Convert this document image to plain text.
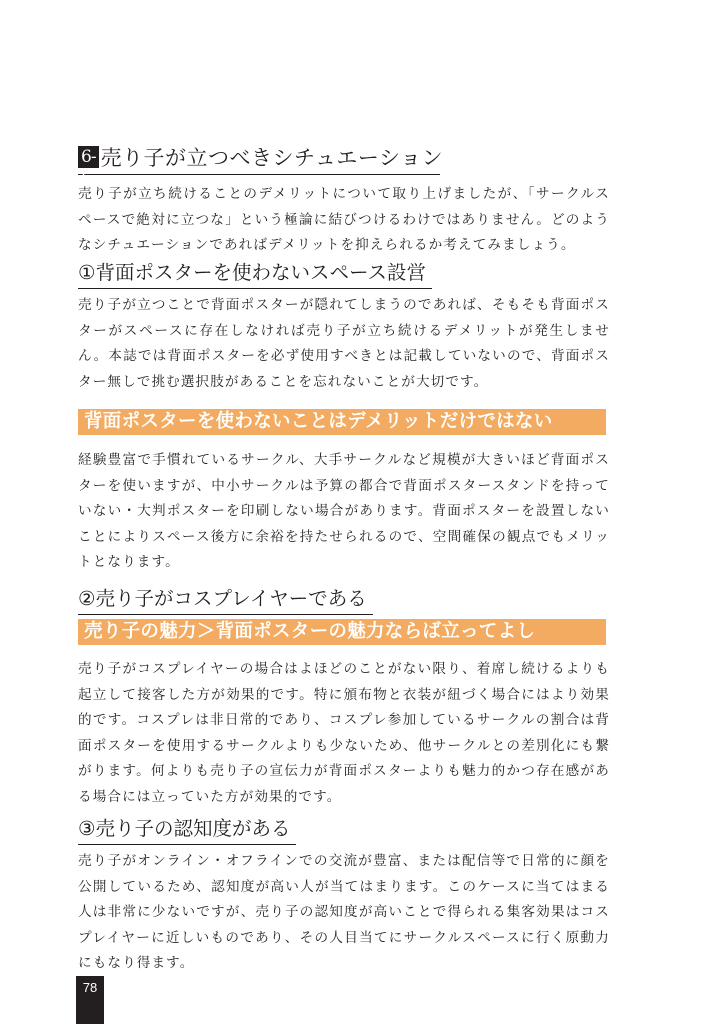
6-6
売り子が立つべきシチュエーション

売り子が立ち続けることのデメリットについて取り上げましたが、「サークルスペースで絶対に立つな」という極論に結びつけるわけではありません。どのようなシチュエーションであればデメリットを抑えられるか考えてみましょう。

①背面ポスターを使わないスペース設営

売り子が立つことで背面ポスターが隠れてしまうのであれば、そもそも背面ポスターがスペースに存在しなければ売り子が立ち続けるデメリットが発生しません。本誌では背面ポスターを必ず使用すべきとは記載していないので、背面ポスター無しで挑む選択肢があることを忘れないことが大切です。

背面ポスターを使わないことはデメリットだけではない

経験豊富で手慣れているサークル、大手サークルなど規模が大きいほど背面ポスターを使いますが、中小サークルは予算の都合で背面ポスタースタンドを持っていない・大判ポスターを印刷しない場合があります。背面ポスターを設置しないことによりスペース後方に余裕を持たせられるので、空間確保の観点でもメリットとなります。

②売り子がコスプレイヤーである
売り子の魅力＞背面ポスターの魅力ならば立ってよし

売り子がコスプレイヤーの場合はよほどのことがない限り、着席し続けるよりも起立して接客した方が効果的です。特に頒布物と衣装が紐づく場合にはより効果的です。コスプレは非日常的であり、コスプレ参加しているサークルの割合は背面ポスターを使用するサークルよりも少ないため、他サークルとの差別化にも繋がります。何よりも売り子の宣伝力が背面ポスターよりも魅力的かつ存在感がある場合には立っていた方が効果的です。

③売り子の認知度がある

売り子がオンライン・オフラインでの交流が豊富、または配信等で日常的に顔を公開しているため、認知度が高い人が当てはまります。このケースに当てはまる人は非常に少ないですが、売り子の認知度が高いことで得られる集客効果はコスプレイヤーに近しいものであり、その人目当てにサークルスペースに行く原動力にもなり得ます。

78
